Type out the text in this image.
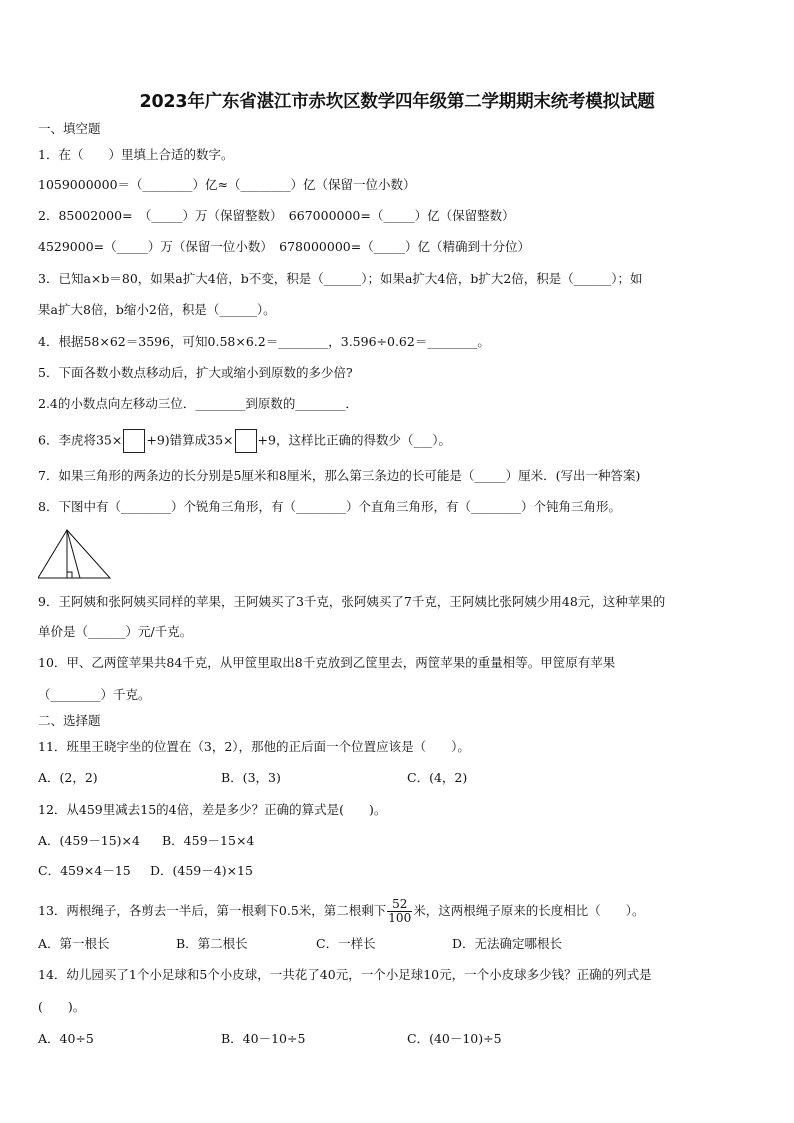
2023年广东省湛江市赤坎区数学四年级第二学期期末统考模拟试题
一、填空题
1．在（　　）里填上合适的数字。
1059000000＝（________）亿≈（________）亿（保留一位小数）
2．85002000=　（_____）万（保留整数）　667000000=（_____）亿（保留整数）
4529000=（_____）万（保留一位小数）　678000000=（_____）亿（精确到十分位）
3．已知a×b＝80，如果a扩大4倍，b不变，积是（______）；如果a扩大4倍，b扩大2倍，积是（______）；如
果a扩大8倍，b缩小2倍，积是（______）。
4．根据58×62＝3596，可知0.58×6.2＝________，3.596÷0.62＝________。
5．下面各数小数点移动后，扩大或缩小到原数的多少倍?
2.4的小数点向左移动三位．________到原数的________．
6．李虎将35× +9)错算成35× +9，这样比正确的得数少（___）。
7．如果三角形的两条边的长分别是5厘米和8厘米，那么第三条边的长可能是（_____）厘米．(写出一种答案)
8．下图中有（________）个锐角三角形，有（________）个直角三角形，有（________）个钝角三角形。
9．王阿姨和张阿姨买同样的苹果，王阿姨买了3千克，张阿姨买了7千克，王阿姨比张阿姨少用48元，这种苹果的
单价是（______）元/千克。
10．甲、乙两筐苹果共84千克，从甲筐里取出8千克放到乙筐里去，两筐苹果的重量相等。甲筐原有苹果
（________）千克。
二、选择题
11．班里王晓宇坐的位置在（3，2），那他的正后面一个位置应该是（　　）。
A．(2，2)	B．(3，3)	C．(4，2)
12．从459里减去15的4倍，差是多少？正确的算式是(　　)。
A．(459－15)×4 B．459－15×4
C．459×4－15 D．(459－4)×15
13．两根绳子，各剪去一半后，第一根剩下0.5米，第二根剩下 $\frac{52}{100}$ 米，这两根绳子原来的长度相比（　　）。
A．第一根长	B．第二根长	C．一样长	D．无法确定哪根长
14．幼儿园买了1个小足球和5个小皮球，一共花了40元，一个小足球10元，一个小皮球多少钱？正确的列式是
(　　)。
A．40÷5	B．40－10÷5	C．(40－10)÷5
